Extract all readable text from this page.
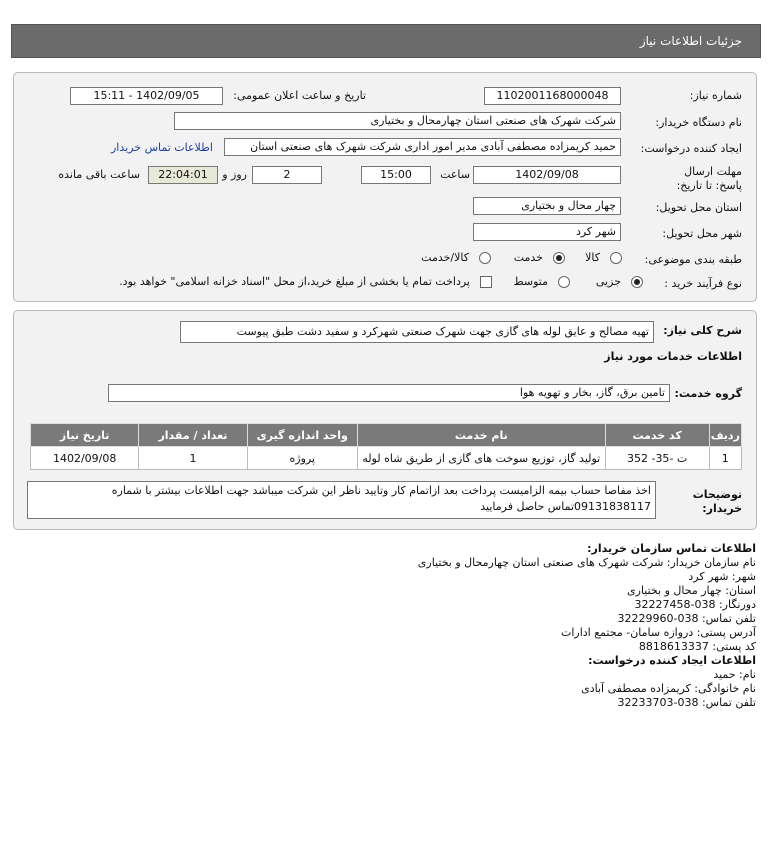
جزئیات اطلاعات نیاز
شماره نیاز:
1102001168000048
تاریخ و ساعت اعلان عمومی:
1402/09/05 - 15:11
نام دستگاه خریدار:
شرکت شهرک های صنعتی استان چهارمحال و بختیاری
ایجاد کننده درخواست:
حمید کریمزاده مصطفی آبادی مدیر امور اداری شرکت شهرک های صنعتی استان
اطلاعات تماس خریدار
مهلت ارسال پاسخ: تا تاریخ:
1402/09/08
ساعت
15:00
2
روز و
22:04:01
ساعت باقی مانده
استان محل تحویل:
چهار محال و بختیاری
شهر محل تحویل:
شهر کرد
طبقه بندی موضوعی:
کالا
خدمت
کالا/خدمت
نوع فرآیند خرید :
جزیی
متوسط
پرداخت تمام یا بخشی از مبلغ خرید،از محل "اسناد خزانه اسلامی" خواهد بود.
شرح کلی نیاز:
تهیه مصالح و عایق لوله های گازی جهت شهرک صنعتی شهرکرد و سفید دشت طبق پیوست
اطلاعات خدمات مورد نیاز
گروه خدمت:
تامین برق، گاز، بخار و تهویه هوا
ردیف	کد خدمت	نام خدمت	واحد اندازه گیری	تعداد / مقدار	تاریخ نیاز
1	ت -35- 352	تولید گاز، توزیع سوخت های گازی از طریق شاه لوله	پروژه	1	1402/09/08
توضیحات خریدار:
اخذ مفاصا حساب بیمه الزامیست پرداخت بعد ازاتمام کار وتایید ناظر این شرکت میباشد جهت اطلاعات بیشتر با شماره 09131838117تماس حاصل فرمایید
اطلاعات تماس سازمان خریدار:
نام سازمان خریدار: شرکت شهرک های صنعتی استان چهارمحال و بختیاری
شهر: شهر کرد
استان: چهار محال و بختیاری
دورنگار: 038-32227458
تلفن تماس: 038-32229960
آدرس پستی: دروازه سامان- مجتمع ادارات
کد پستی: 8818613337
اطلاعات ایجاد کننده درخواست:
نام: حمید
نام خانوادگی: کریمزاده مصطفی آبادی
تلفن تماس: 038-32233703
